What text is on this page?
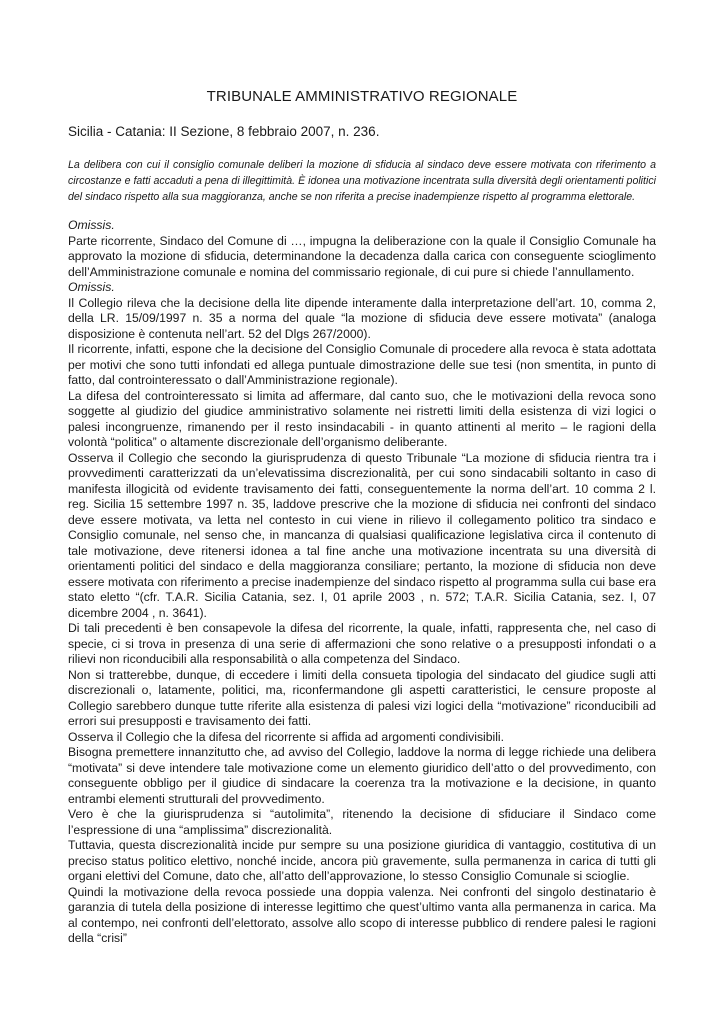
TRIBUNALE AMMINISTRATIVO REGIONALE
Sicilia - Catania: II Sezione, 8 febbraio 2007, n. 236.
La delibera con cui il consiglio comunale deliberi la mozione di sfiducia al sindaco deve essere motivata con riferimento a circostanze e fatti accaduti a pena di illegittimità. È idonea una motivazione incentrata sulla diversità degli orientamenti politici del sindaco rispetto alla sua maggioranza, anche se non riferita a precise inadempienze rispetto al programma elettorale.

Omissis.

Parte ricorrente, Sindaco del Comune di …, impugna la deliberazione con la quale il Consiglio Comunale ha approvato la mozione di sfiducia, determinandone la decadenza dalla carica con conseguente scioglimento dell’Amministrazione comunale e nomina del commissario regionale, di cui pure si chiede l’annullamento.

Omissis.

Il Collegio rileva che la decisione della lite dipende interamente dalla interpretazione dell’art. 10, comma 2, della LR. 15/09/1997 n. 35 a norma del quale “la mozione di sfiducia deve essere motivata” (analoga disposizione è contenuta nell’art. 52 del Dlgs 267/2000).

Il ricorrente, infatti, espone che la decisione del Consiglio Comunale di procedere alla revoca è stata adottata per motivi che sono tutti infondati ed allega puntuale dimostrazione delle sue tesi (non smentita, in punto di fatto, dal controinteressato o dall’Amministrazione regionale).

La difesa del controinteressato si limita ad affermare, dal canto suo, che le motivazioni della revoca sono soggette al giudizio del giudice amministrativo solamente nei ristretti limiti della esistenza di vizi logici o palesi incongruenze, rimanendo per il resto insindacabili - in quanto attinenti al merito – le ragioni della volontà “politica” o altamente discrezionale dell’organismo deliberante.

Osserva il Collegio che secondo la giurisprudenza di questo Tribunale “La mozione di sfiducia rientra tra i provvedimenti caratterizzati da un’elevatissima discrezionalità, per cui sono sindacabili soltanto in caso di manifesta illogicità od evidente travisamento dei fatti, conseguentemente la norma dell’art. 10 comma 2 l. reg. Sicilia 15 settembre 1997 n. 35, laddove prescrive che la mozione di sfiducia nei confronti del sindaco deve essere motivata, va letta nel contesto in cui viene in rilievo il collegamento politico tra sindaco e Consiglio comunale, nel senso che, in mancanza di qualsiasi qualificazione legislativa circa il contenuto di tale motivazione, deve ritenersi idonea a tal fine anche una motivazione incentrata su una diversità di orientamenti politici del sindaco e della maggioranza consiliare; pertanto, la mozione di sfiducia non deve essere motivata con riferimento a precise inadempienze del sindaco rispetto al programma sulla cui base era stato eletto “(cfr. T.A.R. Sicilia Catania, sez. I, 01 aprile 2003 , n. 572; T.A.R. Sicilia Catania, sez. I, 07 dicembre 2004 , n. 3641).

Di tali precedenti è ben consapevole la difesa del ricorrente, la quale, infatti, rappresenta che, nel caso di specie, ci si trova in presenza di una serie di affermazioni che sono relative o a presupposti infondati o a rilievi non riconducibili alla responsabilità o alla competenza del Sindaco.

Non si tratterebbe, dunque, di eccedere i limiti della consueta tipologia del sindacato del giudice sugli atti discrezionali o, latamente, politici, ma, riconfermandone gli aspetti caratteristici, le censure proposte al Collegio sarebbero dunque tutte riferite alla esistenza di palesi vizi logici della “motivazione” riconducibili ad errori sui presupposti e travisamento dei fatti.

Osserva il Collegio che la difesa del ricorrente si affida ad argomenti condivisibili.

Bisogna premettere innanzitutto che, ad avviso del Collegio, laddove la norma di legge richiede una delibera “motivata” si deve intendere tale motivazione come un elemento giuridico dell’atto o del provvedimento, con conseguente obbligo per il giudice di sindacare la coerenza tra la motivazione e la decisione, in quanto entrambi elementi strutturali del provvedimento.

Vero è che la giurisprudenza si “autolimita”, ritenendo la decisione di sfiduciare il Sindaco come l’espressione di una “amplissima” discrezionalità.

Tuttavia, questa discrezionalità incide pur sempre su una posizione giuridica di vantaggio, costitutiva di un preciso status politico elettivo, nonché incide, ancora più gravemente, sulla permanenza in carica di tutti gli organi elettivi del Comune, dato che, all’atto dell’approvazione, lo stesso Consiglio Comunale si scioglie.

Quindi la motivazione della revoca possiede una doppia valenza. Nei confronti del singolo destinatario è garanzia di tutela della posizione di interesse legittimo che quest’ultimo vanta alla permanenza in carica. Ma al contempo, nei confronti dell’elettorato, assolve allo scopo di interesse pubblico di rendere palesi le ragioni della “crisi”
